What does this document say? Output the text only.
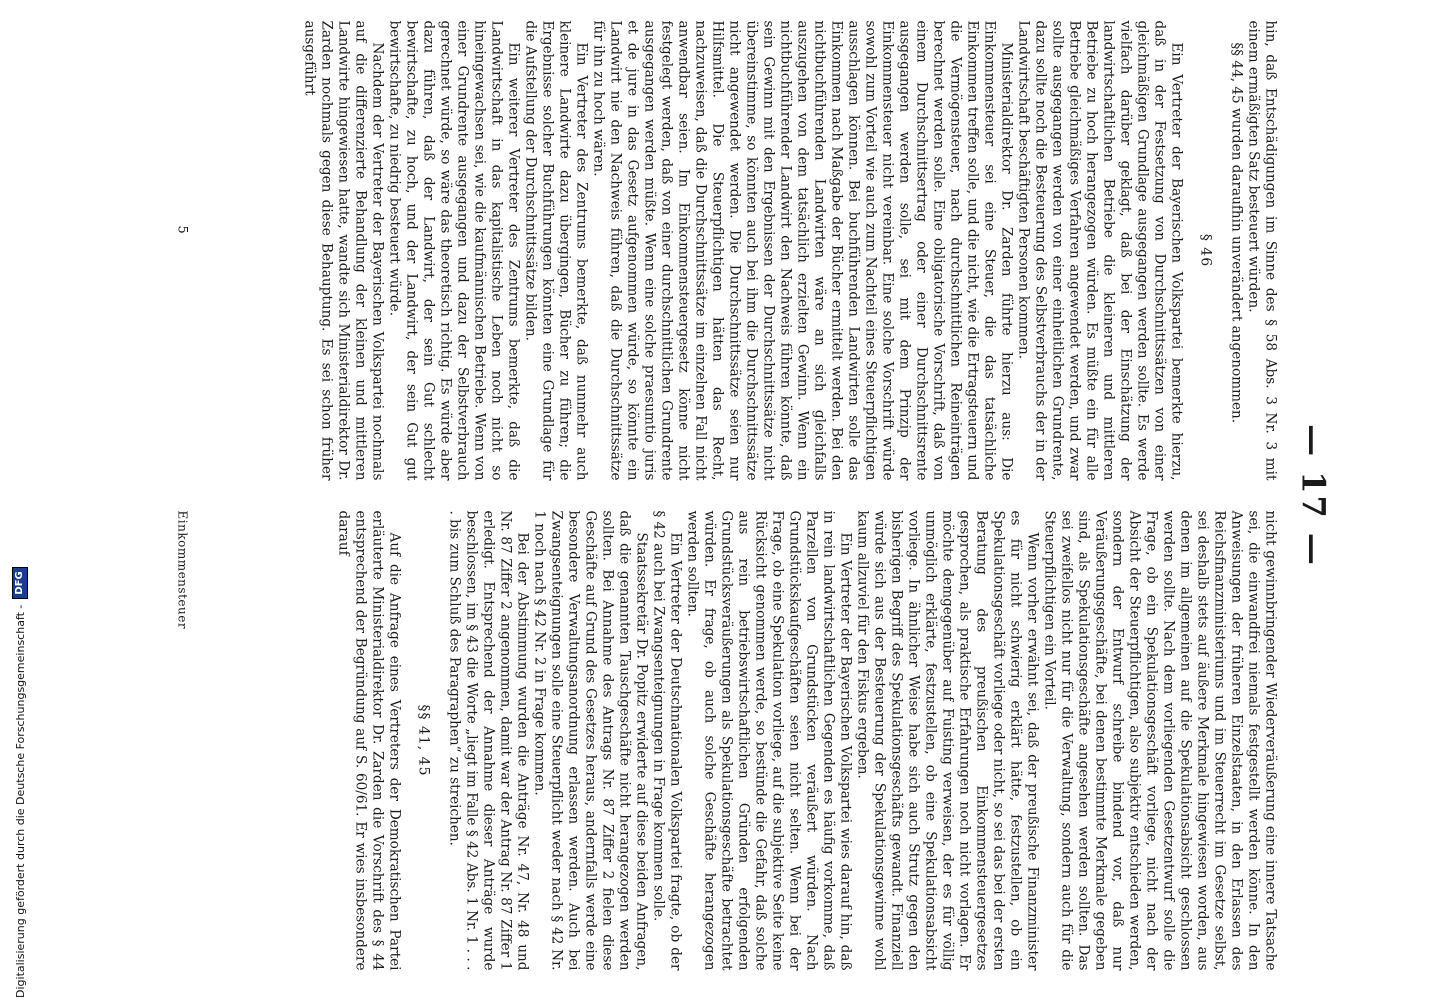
— 17 —

hin, daß Entschädigungen im Sinne des § 58 Abs. 3 Nr. 3 mit einem ermäßigten Satz besteuert würden.

§§ 44, 45 wurden daraufhin unverändert angenommen.

§ 46

Ein Vertreter der Bayerischen Volkspartei bemerkte hierzu, daß in der Festsetzung von Durchschnittssätzen von einer gleichmäßigen Grundlage ausgegangen werden sollte. Es werde vielfach darüber geklagt, daß bei der Einschätzung der landwirtschaftlichen Betriebe die kleineren und mittleren Betriebe zu hoch herangezogen würden. Es müßte ein für alle Betriebe gleichmäßiges Verfahren angewendet werden, und zwar sollte ausgegangen werden von einer einheitlichen Grundrente, dazu sollte noch die Besteuerung des Selbstverbrauchs der in der Landwirtschaft beschäftigten Personen kommen.

Ministerialdirektor Dr. Zarden führte hierzu aus: Die Einkommensteuer sei eine Steuer, die das tatsächliche Einkommen treffen solle, und die nicht, wie die Ertragsteuern und die Vermögensteuer, nach durchschnittlichen Reineinträgen berechnet werden solle. Eine obligatorische Vorschrift, daß von einem Durchschnittsertrag oder einer Durchschnittsrente ausgegangen werden solle, sei mit dem Prinzip der Einkommensteuer nicht vereinbar. Eine solche Vorschrift würde sowohl zum Vorteil wie auch zum Nachteil eines Steuerpflichtigen ausschlagen können. Bei buchführenden Landwirten solle das Einkommen nach Maßgabe der Bücher ermittelt werden. Bei den nichtbuchführenden Landwirten wäre an sich gleichfalls auszugehen von dem tatsächlich erzielten Gewinn. Wenn ein nichtbuchführender Landwirt den Nachweis führen könnte, daß sein Gewinn mit den Ergebnissen der Durchschnittssätze nicht übereinstimme, so könnten auch bei ihm die Durchschnittssätze nicht angewendet werden. Die Durchschnittssätze seien nur Hilfsmittel. Die Steuerpflichtigen hätten das Recht, nachzuweisen, daß die Durchschnittssätze im einzelnen Fall nicht anwendbar seien. Im Einkommensteuergesetz könne nicht festgelegt werden, daß von einer durchschnittlichen Grundrente ausgegangen werden müßte. Wenn eine solche praesumtio juris et de jure in das Gesetz aufgenommen würde, so könnte ein Landwirt nie den Nachweis führen, daß die Durchschnittssätze für ihn zu hoch wären.

Ein Vertreter des Zentrums bemerkte, daß nunmehr auch kleinere Landwirte dazu übergingen, Bücher zu führen; die Ergebnisse solcher Buchführungen könnten eine Grundlage für die Aufstellung der Durchschnittssätze bilden.

Ein weiterer Vertreter des Zentrums bemerkte, daß die Landwirtschaft in das kapitalistische Leben noch nicht so hineingewachsen sei, wie die kaufmännischen Betriebe. Wenn von einer Grundrente ausgegangen und dazu der Selbstverbrauch gerechnet würde, so wäre das theoretisch richtig. Es würde aber dazu führen, daß der Landwirt, der sein Gut schlecht bewirtschafte, zu hoch, und der Landwirt, der sein Gut gut bewirtschafte, zu niedrig besteuert würde.

Nachdem der Vertreter der Bayerischen Volkspartei nochmals auf die differenzierte Behandlung der kleinen und mittleren Landwirte hingewiesen hatte, wandte sich Ministerialdirektor Dr. Zarden nochmals gegen diese Behauptung. Es sei schon früher ausgeführt

5

nicht gewinnbringender Wiederveräußerung eine innere Tatsache sei, die einwandfrei niemals festgestellt werden könne. In den Anweisungen der früheren Einzelstaaten, in den Erlassen des Reichsfinanzministeriums und im Steuerrecht im Gesetze selbst, sei deshalb stets auf äußere Merkmale hingewiesen worden, aus denen im allgemeinen auf die Spekulationsabsicht geschlossen werden sollte. Nach dem vorliegenden Gesetzentwurf solle die Frage, ob ein Spekulationsgeschäft vorliege, nicht nach der Absicht der Steuerpflichtigen, also subjektiv entschieden werden, sondern der Entwurf schreibe bindend vor, daß nur Veräußerungsgeschäfte, bei denen bestimmte Merkmale gegeben sind, als Spekulationsgeschäfte angesehen werden sollten. Das sei zweifellos nicht nur für die Verwaltung, sondern auch für die Steuerpflichtigen ein Vorteil.

Wenn vorher erwähnt sei, daß der preußische Finanzminister es für nicht schwierig erklärt hätte, festzustellen, ob ein Spekulationsgeschäft vorliege oder nicht, so sei das bei der ersten Beratung des preußischen Einkommensteuergesetzes gesprochen, als praktische Erfahrungen noch nicht vorlagen. Er möchte demgegenüber auf Fuisting verweisen, der es für völlig unmöglich erklärte, festzustellen, ob eine Spekulationsabsicht vorliege. In ähnlicher Weise habe sich auch Strutz gegen den bisherigen Begriff des Spekulationsgeschäfts gewandt. Finanziell würde sich aus der Besteuerung der Spekulationsgewinne wohl kaum allzuviel für den Fiskus ergeben.

Ein Vertreter der Bayerischen Volkspartei wies darauf hin, daß in rein landwirtschaftlichen Gegenden es häufig vorkomme, daß Parzellen von Grundstücken veräußert würden. Nach Grundstückskaufgeschäften seien nicht selten. Wenn bei der Frage, ob eine Spekulation vorliege, auf die subjektive Seite keine Rücksicht genommen werde, so bestünde die Gefahr, daß solche aus rein betriebswirtschaftlichen Gründen erfolgenden Grundstücksveräußerungen als Spekulationsgeschäfte betrachtet würden. Er frage, ob auch solche Geschäfte herangezogen werden sollten.

Ein Vertreter der Deutschnationalen Volkspartei fragte, ob der § 42 auch bei Zwangsenteignungen in Frage kommen solle.

Staatssekretär Dr. Popitz erwiderte auf diese beiden Anfragen, daß die genannten Tauschgeschäfte nicht herangezogen werden sollten. Bei Annahme des Antrags Nr. 87 Ziffer 2 fielen diese Geschäfte auf Grund des Gesetzes heraus, andernfalls werde eine besondere Verwaltungsanordnung erlassen werden. Auch bei Zwangsenteignungen solle eine Steuerpflicht weder nach § 42 Nr. 1 noch nach § 42 Nr. 2 in Frage kommen.

Bei der Abstimmung wurden die Anträge Nr. 47, Nr. 48 und Nr. 87 Ziffer 2 angenommen, damit war der Antrag Nr. 87 Ziffer 1 erledigt. Entsprechend der Annahme dieser Anträge wurde beschlossen, im § 43 die Worte „liegt im Falle § 42 Abs. 1 Nr. 1 . . . . bis zum Schluß des Paragraphen“ zu streichen.

§§ 41, 45

Auf die Anfrage eines Vertreters der Demokratischen Partei erläuterte Ministerialdirektor Dr. Zarden die Vorschrift des § 44 entsprechend der Begründung auf S. 60/61. Er wies insbesondere darauf

Einkommensteuer
Digitalisierung gefördert durch die Deutsche Forschungsgemeinschaft -
DFG
